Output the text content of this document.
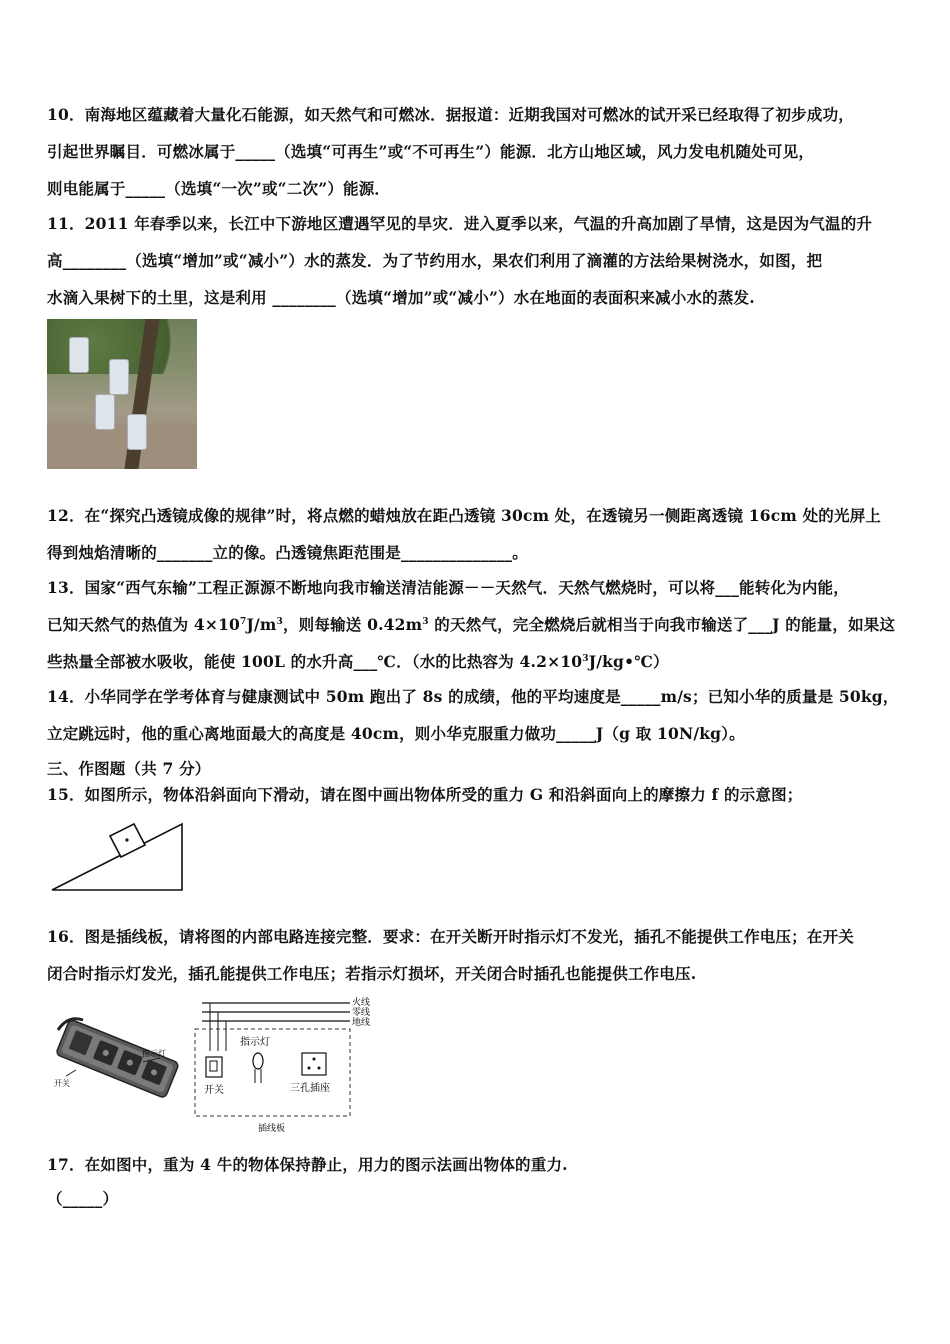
10．南海地区蕴藏着大量化石能源，如天然气和可燃冰．据报道：近期我国对可燃冰的试开采已经取得了初步成功，
引起世界瞩目．可燃冰属于_____（选填“可再生”或“不可再生”）能源．北方山地区域，风力发电机随处可见，
则电能属于_____（选填“一次”或“二次”）能源．
11．2011 年春季以来，长江中下游地区遭遇罕见的旱灾．进入夏季以来，气温的升高加剧了旱情，这是因为气温的升
高________（选填“增加”或“减小”）水的蒸发．为了节约用水，果农们利用了滴灌的方法给果树浇水，如图，把
水滴入果树下的土里，这是利用 ________（选填“增加”或“减小”）水在地面的表面积来减小水的蒸发.
12．在“探究凸透镜成像的规律”时，将点燃的蜡烛放在距凸透镜 30cm 处，在透镜另一侧距离透镜 16cm 处的光屏上
得到烛焰清晰的_______立的像。凸透镜焦距范围是______________。
13．国家“西气东输”工程正源源不断地向我市输送清洁能源－－天然气．天然气燃烧时，可以将___能转化为内能，
已知天然气的热值为 $4\times 10^7J/m^3$，则每输送 $0.42m^3$ 的天然气，完全燃烧后就相当于向我市输送了___J 的能量，如果这
些热量全部被水吸收，能使 100L 的水升高___℃．（水的比热容为 $4.2\times 10^3J/kg•℃$）
14．小华同学在学考体育与健康测试中 50m 跑出了 8s 的成绩，他的平均速度是_____m/s；已知小华的质量是 50kg，
立定跳远时，他的重心离地面最大的高度是 40cm，则小华克服重力做功_____J（g 取 10N/kg）。
三、作图题（共 7 分）
15．如图所示，物体沿斜面向下滑动，请在图中画出物体所受的重力 G 和沿斜面向上的摩擦力 f 的示意图；
16．图是插线板，请将图的内部电路连接完整．要求：在开关断开时指示灯不发光，插孔不能提供工作电压；在开关
闭合时指示灯发光，插孔能提供工作电压；若指示灯损坏，开关闭合时插孔也能提供工作电压.
指示灯
开关
火线
零线
地线
开关
指示灯
三孔插座
插线板
17．在如图中，重为 4 牛的物体保持静止，用力的图示法画出物体的重力.
（_____）
